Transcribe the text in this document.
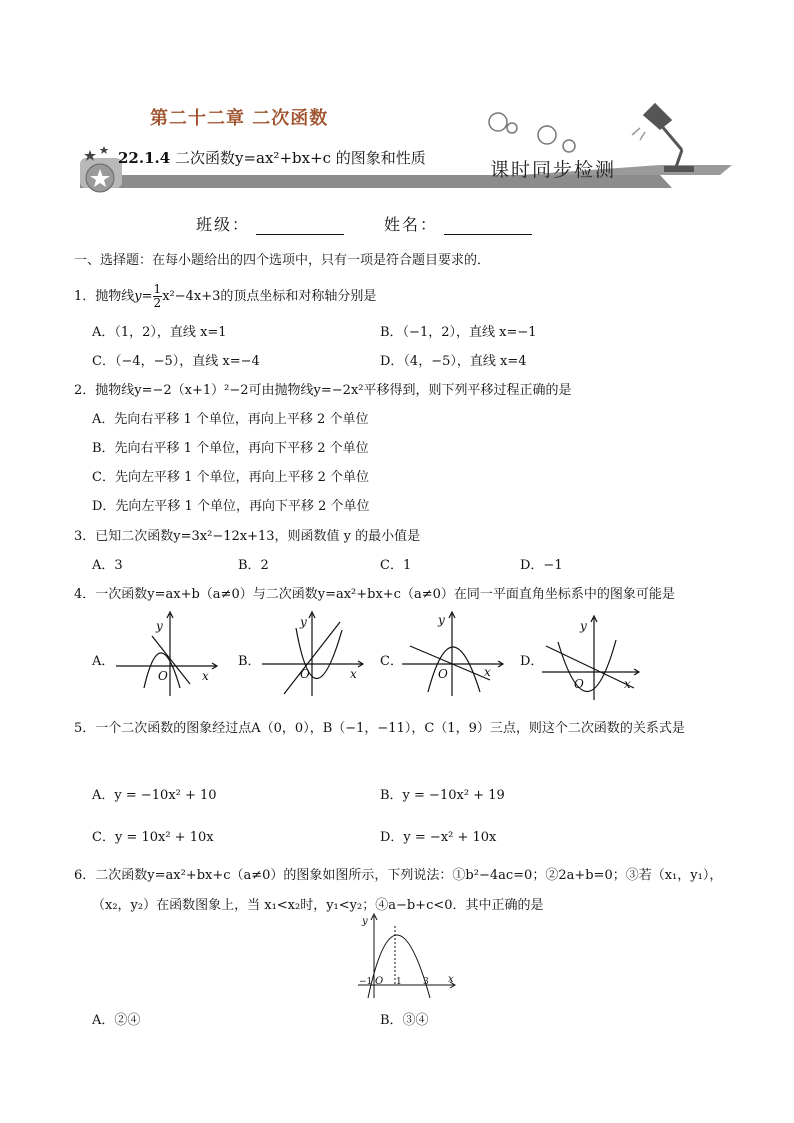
第二十二章 二次函数
22.1.4 二次函数y=ax²+bx+c 的图象和性质
课时同步检测
班级：	姓名：
一、选择题：在每小题给出的四个选项中，只有一项是符合题目要求的．
1．抛物线$y= \frac{1}{2} x^2-4x+3$的顶点坐标和对称轴分别是
A．（1，2），直线 x=1	B．（−1，2），直线 x=−1
C．（−4，−5），直线 x=−4	D．（4，−5），直线 x=4
2．抛物线y=−2（x+1）²−2可由抛物线y=−2x²平移得到，则下列平移过程正确的是
A．先向右平移 1 个单位，再向上平移 2 个单位
B．先向右平移 1 个单位，再向下平移 2 个单位
C．先向左平移 1 个单位，再向上平移 2 个单位
D．先向左平移 1 个单位，再向下平移 2 个单位
3．已知二次函数y=3x²−12x+13，则函数值 y 的最小值是
A．3	B．2	C．1	D．−1
4．一次函数y=ax+b（a≠0）与二次函数y=ax²+bx+c（a≠0）在同一平面直角坐标系中的图象可能是
A．	B．	C．	D．
y
O	x
y
O	x
y
O	x
y
O	x
5．一个二次函数的图象经过点A（0，0），B（−1，−11），C（1，9）三点，则这个二次函数的关系式是
A．y = −10x² + 10	B．y = −10x² + 19
C．y = 10x² + 10x	D．y = −x² + 10x
6．二次函数y=ax²+bx+c（a≠0）的图象如图所示，下列说法：①b²−4ac=0；②2a+b=0；③若（x₁，y₁），
（x₂，y₂）在函数图象上，当 x₁<x₂时，y₁<y₂；④a−b+c<0．其中正确的是
y
x
−1 O 1 3
A．②④	B．③④
